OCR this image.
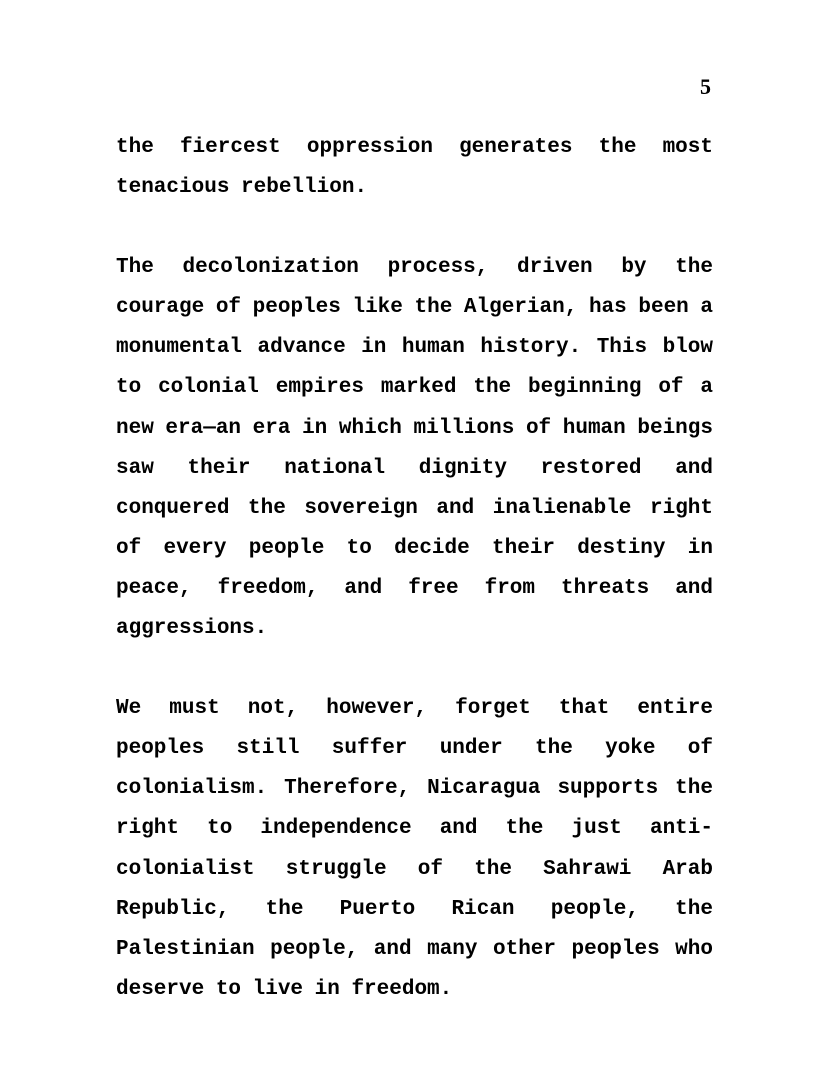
5

the fiercest oppression generates the most tenacious rebellion.

The decolonization process, driven by the courage of peoples like the Algerian, has been a monumental advance in human history. This blow to colonial empires marked the beginning of a new era—an era in which millions of human beings saw their national dignity restored and conquered the sovereign and inalienable right of every people to decide their destiny in peace, freedom, and free from threats and aggressions.

We must not, however, forget that entire peoples still suffer under the yoke of colonialism. Therefore, Nicaragua supports the right to independence and the just anti-colonialist struggle of the Sahrawi Arab Republic, the Puerto Rican people, the Palestinian people, and many other peoples who deserve to live in freedom.
